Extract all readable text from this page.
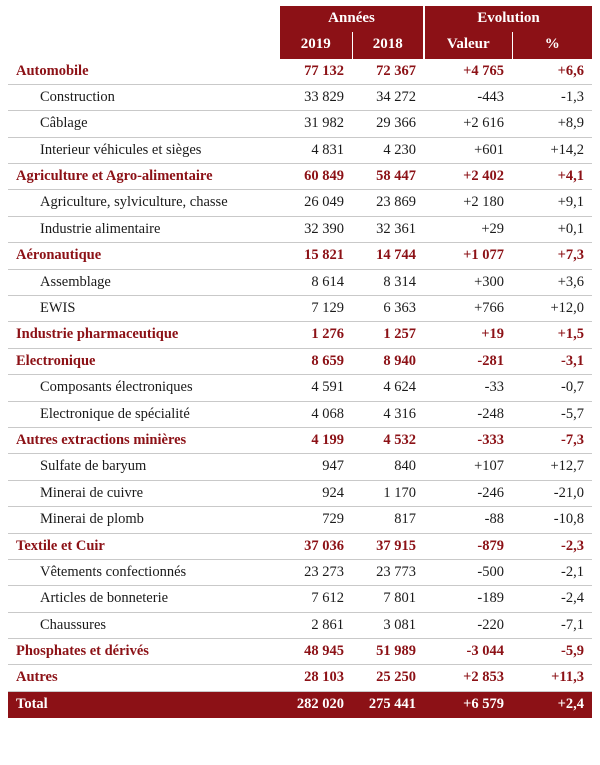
	Années		Evolution	
	2019	2018	Valeur	%
Automobile	77 132	72 367	+4 765	+6,6
Construction	33 829	34 272	-443	-1,3
Câblage	31 982	29 366	+2 616	+8,9
Interieur véhicules et sièges	4 831	4 230	+601	+14,2
Agriculture et Agro-alimentaire	60 849	58 447	+2 402	+4,1
Agriculture, sylviculture, chasse	26 049	23 869	+2 180	+9,1
Industrie alimentaire	32 390	32 361	+29	+0,1
Aéronautique	15 821	14 744	+1 077	+7,3
Assemblage	8 614	8 314	+300	+3,6
EWIS	7 129	6 363	+766	+12,0
Industrie pharmaceutique	1 276	1 257	+19	+1,5
Electronique	8 659	8 940	-281	-3,1
Composants électroniques	4 591	4 624	-33	-0,7
Electronique de spécialité	4 068	4 316	-248	-5,7
Autres extractions minières	4 199	4 532	-333	-7,3
Sulfate de baryum	947	840	+107	+12,7
Minerai de cuivre	924	1 170	-246	-21,0
Minerai de plomb	729	817	-88	-10,8
Textile et Cuir	37 036	37 915	-879	-2,3
Vêtements confectionnés	23 273	23 773	-500	-2,1
Articles de bonneterie	7 612	7 801	-189	-2,4
Chaussures	2 861	3 081	-220	-7,1
Phosphates et dérivés	48 945	51 989	-3 044	-5,9
Autres	28 103	25 250	+2 853	+11,3
Total	282 020	275 441	+6 579	+2,4
